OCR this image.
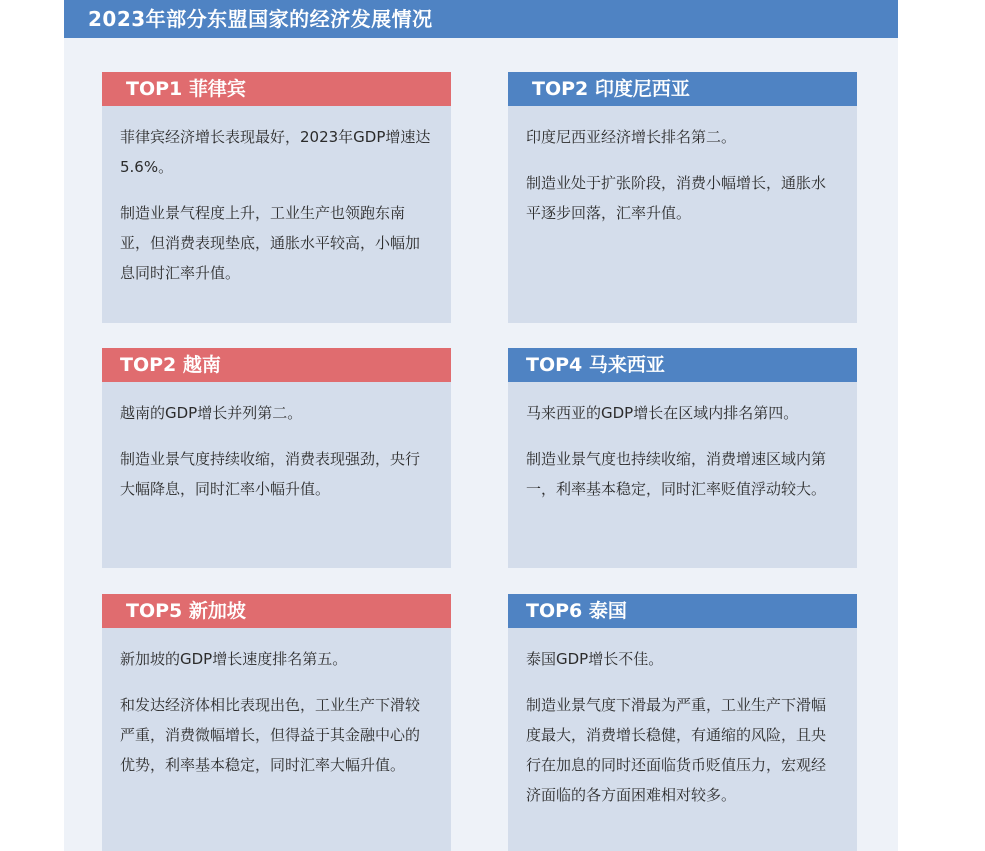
2023年部分东盟国家的经济发展情况
TOP1 菲律宾

菲律宾经济增长表现最好，2023年GDP增速达5.6%。

制造业景气程度上升，工业生产也领跑东南亚，但消费表现垫底，通胀水平较高，小幅加息同时汇率升值。

TOP2 印度尼西亚

印度尼西亚经济增长排名第二。

制造业处于扩张阶段，消费小幅增长，通胀水平逐步回落，汇率升值。

TOP2 越南

越南的GDP增长并列第二。

制造业景气度持续收缩，消费表现强劲，央行大幅降息，同时汇率小幅升值。

TOP4 马来西亚

马来西亚的GDP增长在区域内排名第四。

制造业景气度也持续收缩，消费增速区域内第一，利率基本稳定，同时汇率贬值浮动较大。

TOP5 新加坡

新加坡的GDP增长速度排名第五。

和发达经济体相比表现出色，工业生产下滑较严重，消费微幅增长，但得益于其金融中心的优势，利率基本稳定，同时汇率大幅升值。

TOP6 泰国

泰国GDP增长不佳。

制造业景气度下滑最为严重，工业生产下滑幅度最大，消费增长稳健，有通缩的风险，且央行在加息的同时还面临货币贬值压力，宏观经济面临的各方面困难相对较多。
